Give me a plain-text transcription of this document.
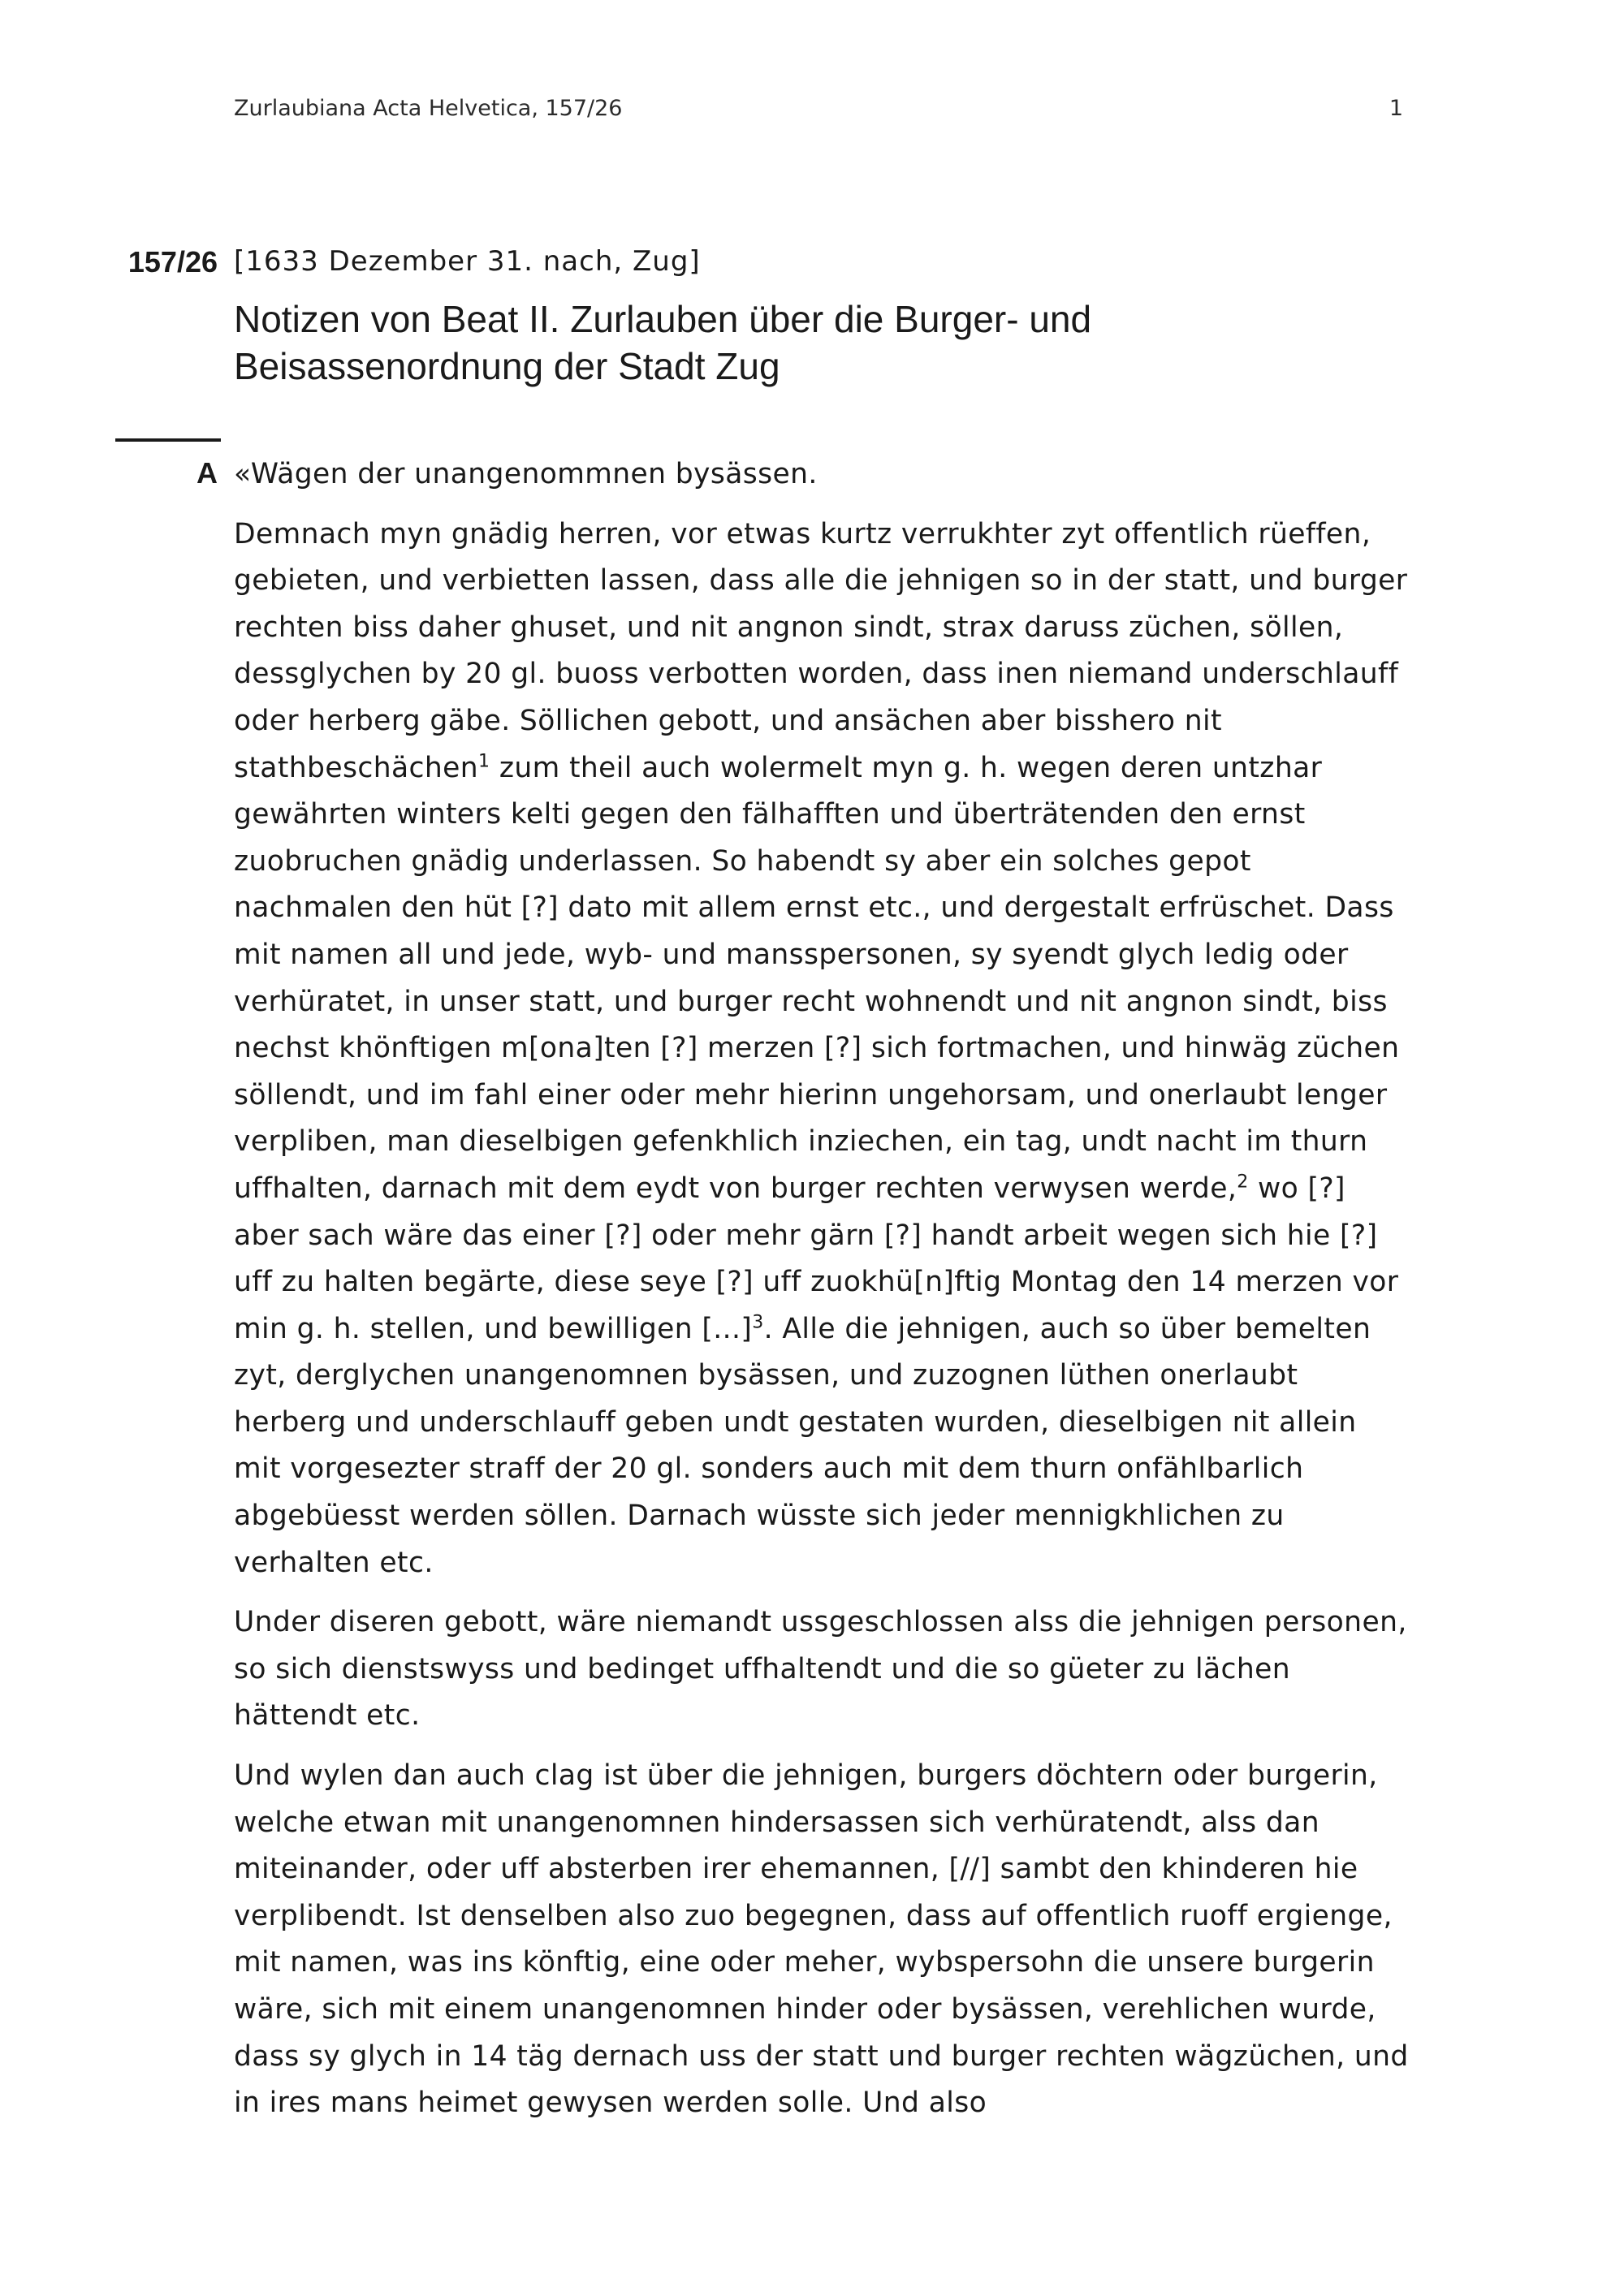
Zurlaubiana Acta Helvetica, 157/26	1
157/26 [1633 Dezember 31. nach, Zug]
Notizen von Beat II. Zurlauben über die Burger- und Beisassenordnung der Stadt Zug
A «Wägen der unangenommnen bysässen.

Demnach myn gnädig herren, vor etwas kurtz verrukhter zyt offentlich rüeffen, gebieten, und verbietten lassen, dass alle die jehnigen so in der statt, und burger rechten biss daher ghuset, und nit angnon sindt, strax daruss züchen, söllen, dessglychen by 20 gl. buoss verbotten worden, dass inen niemand underschlauff oder herberg gäbe. Söllichen gebott, und ansächen aber bisshero nit stathbeschächen$^1$ zum theil auch wolermelt myn g. h. wegen deren untzhar gewährten winters kelti gegen den fälhafften und überträtenden den ernst zuobruchen gnädig underlassen. So habendt sy aber ein solches gepot nachmalen den hüt [?] dato mit allem ernst etc., und dergestalt erfrüschet. Dass mit namen all und jede, wyb- und mansspersonen, sy syendt glych ledig oder verhüratet, in unser statt, und burger recht wohnendt und nit angnon sindt, biss nechst khönftigen m[ona]ten [?] merzen [?] sich fortmachen, und hinwäg züchen söllendt, und im fahl einer oder mehr hierinn ungehorsam, und onerlaubt lenger verpliben, man dieselbigen gefenkhlich inziechen, ein tag, undt nacht im thurn uffhalten, darnach mit dem eydt von burger rechten verwysen werde,$^2$ wo [?] aber sach wäre das einer [?] oder mehr gärn [?] handt arbeit wegen sich hie [?] uff zu halten begärte, diese seye [?] uff zuokhü[n]ftig Montag den 14 merzen vor min g. h. stellen, und bewilligen [...]$^3$. Alle die jehnigen, auch so über bemelten zyt, derglychen unangenomnen bysässen, und zuzognen lüthen onerlaubt herberg und underschlauff geben undt gestaten wurden, dieselbigen nit allein mit vorgesezter straff der 20 gl. sonders auch mit dem thurn onfählbarlich abgebüesst werden söllen. Darnach wüsste sich jeder mennigkhlichen zu verhalten etc.

Under diseren gebott, wäre niemandt ussgeschlossen alss die jehnigen personen, so sich dienstswyss und bedinget uffhaltendt und die so güeter zu lächen hättendt etc.

Und wylen dan auch clag ist über die jehnigen, burgers döchtern oder burgerin, welche etwan mit unangenomnen hindersassen sich verhüratendt, alss dan miteinander, oder uff absterben irer ehemannen, [//] sambt den khinderen hie verplibendt. Ist denselben also zuo begegnen, dass auf offentlich ruoff ergienge, mit namen, was ins könftig, eine oder meher, wybspersohn die unsere burgerin wäre, sich mit einem unangenomnen hinder oder bysässen, verehlichen wurde, dass sy glych in 14 täg dernach uss der statt und burger rechten wägzüchen, und in ires mans heimet gewysen werden solle. Und also
